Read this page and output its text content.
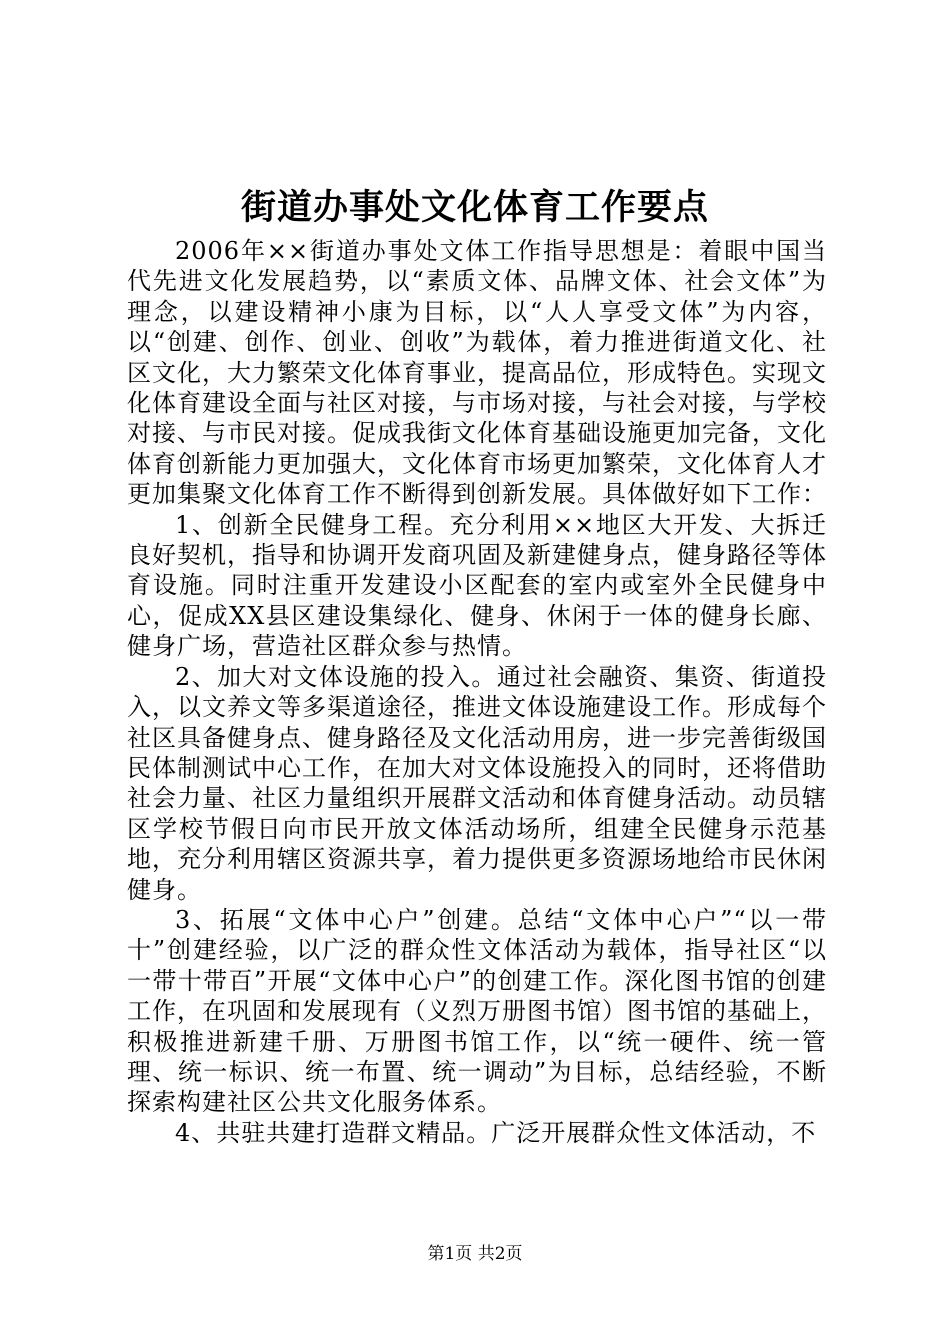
街道办事处文化体育工作要点

2006年××街道办事处文体工作指导思想是：着眼中国当代先进文化发展趋势，以“素质文体、品牌文体、社会文体”为理念，以建设精神小康为目标，以“人人享受文体”为内容，以“创建、创作、创业、创收”为载体，着力推进街道文化、社区文化，大力繁荣文化体育事业，提高品位，形成特色。实现文化体育建设全面与社区对接，与市场对接，与社会对接，与学校对接、与市民对接。促成我街文化体育基础设施更加完备，文化体育创新能力更加强大，文化体育市场更加繁荣，文化体育人才更加集聚文化体育工作不断得到创新发展。具体做好如下工作：

1、创新全民健身工程。充分利用××地区大开发、大拆迁良好契机，指导和协调开发商巩固及新建健身点，健身路径等体育设施。同时注重开发建设小区配套的室内或室外全民健身中心，促成XX县区建设集绿化、健身、休闲于一体的健身长廊、健身广场，营造社区群众参与热情。

2、加大对文体设施的投入。通过社会融资、集资、街道投入，以文养文等多渠道途径，推进文体设施建设工作。形成每个社区具备健身点、健身路径及文化活动用房，进一步完善街级国民体制测试中心工作，在加大对文体设施投入的同时，还将借助社会力量、社区力量组织开展群文活动和体育健身活动。动员辖区学校节假日向市民开放文体活动场所，组建全民健身示范基地，充分利用辖区资源共享，着力提供更多资源场地给市民休闲健身。

3、拓展“文体中心户”创建。总结“文体中心户”“以一带十”创建经验，以广泛的群众性文体活动为载体，指导社区“以一带十带百”开展“文体中心户”的创建工作。深化图书馆的创建工作，在巩固和发展现有（义烈万册图书馆）图书馆的基础上，积极推进新建千册、万册图书馆工作，以“统一硬件、统一管理、统一标识、统一布置、统一调动”为目标，总结经验，不断探索构建社区公共文化服务体系。

4、共驻共建打造群文精品。广泛开展群众性文体活动，不

第1页 共2页
